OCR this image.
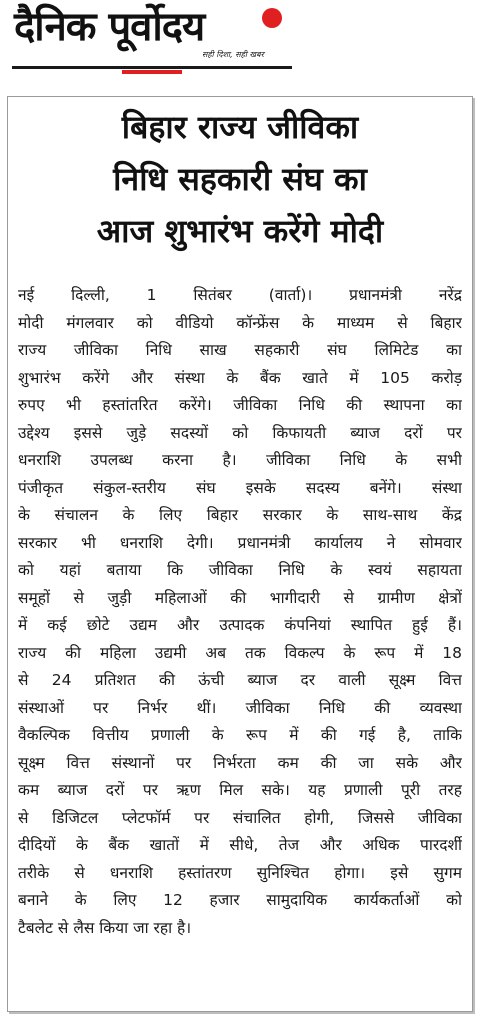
दैनिक पूर्वोदय
सही दिशा, सही खबर
बिहार राज्य जीविका
निधि सहकारी संघ का
आज शुभारंभ करेंगे मोदी
नई दिल्ली, 1 सितंबर (वार्ता)। प्रधानमंत्री नरेंद्र
मोदी मंगलवार को वीडियो कॉन्फ्रेंस के माध्यम से बिहार
राज्य जीविका निधि साख सहकारी संघ लिमिटेड का
शुभारंभ करेंगे और संस्था के बैंक खाते में 105 करोड़
रुपए भी हस्तांतरित करेंगे। जीविका निधि की स्थापना का
उद्देश्य इससे जुड़े सदस्यों को किफायती ब्याज दरों पर
धनराशि उपलब्ध करना है। जीविका निधि के सभी
पंजीकृत संकुल-स्तरीय संघ इसके सदस्य बनेंगे। संस्था
के संचालन के लिए बिहार सरकार के साथ-साथ केंद्र
सरकार भी धनराशि देगी। प्रधानमंत्री कार्यालय ने सोमवार
को यहां बताया कि जीविका निधि के स्वयं सहायता
समूहों से जुड़ी महिलाओं की भागीदारी से ग्रामीण क्षेत्रों
में कई छोटे उद्यम और उत्पादक कंपनियां स्थापित हुई हैं।
राज्य की महिला उद्यमी अब तक विकल्प के रूप में 18
से 24 प्रतिशत की ऊंची ब्याज दर वाली सूक्ष्म वित्त
संस्थाओं पर निर्भर थीं। जीविका निधि की व्यवस्था
वैकल्पिक वित्तीय प्रणाली के रूप में की गई है, ताकि
सूक्ष्म वित्त संस्थानों पर निर्भरता कम की जा सके और
कम ब्याज दरों पर ऋण मिल सके। यह प्रणाली पूरी तरह
से डिजिटल प्लेटफॉर्म पर संचालित होगी, जिससे जीविका
दीदियों के बैंक खातों में सीधे, तेज और अधिक पारदर्शी
तरीके से धनराशि हस्तांतरण सुनिश्चित होगा। इसे सुगम
बनाने के लिए 12 हजार सामुदायिक कार्यकर्ताओं को
टैबलेट से लैस किया जा रहा है।
